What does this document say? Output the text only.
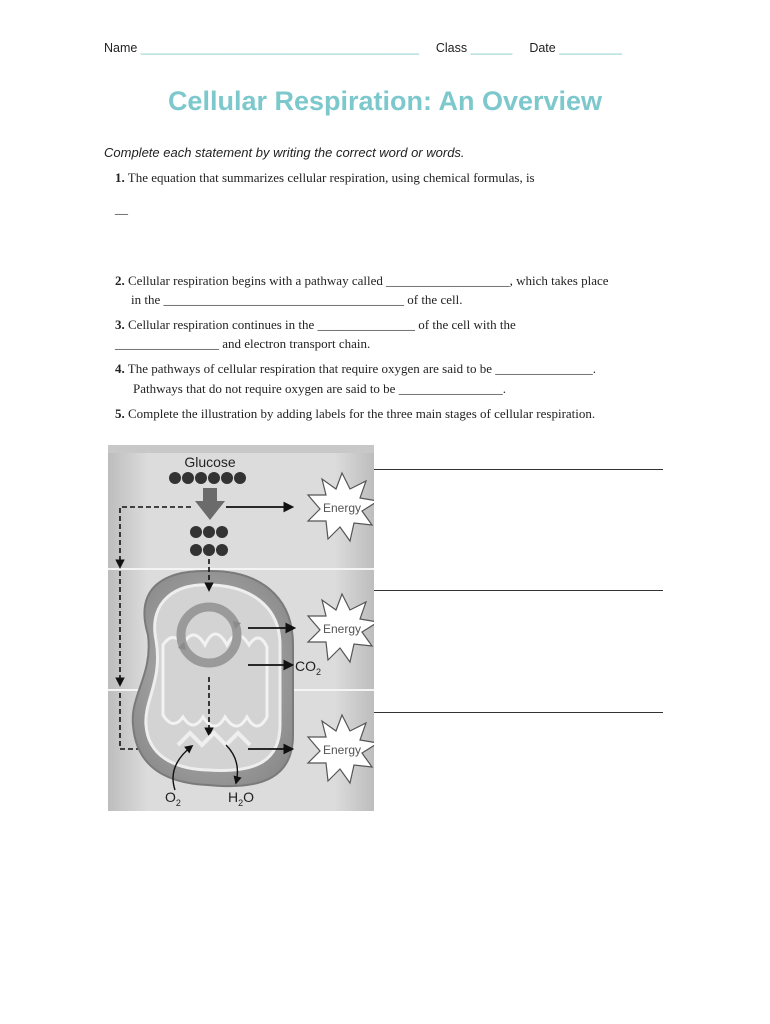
Name ________________________________________ Class ______ Date _________
Cellular Respiration: An Overview
Complete each statement by writing the correct word or words.
1. The equation that summarizes cellular respiration, using chemical formulas, is
__
2. Cellular respiration begins with a pathway called ___________________, which takes place
in the _____________________________________ of the cell.
3. Cellular respiration continues in the _______________ of the cell with the
________________ and electron transport chain.
4. The pathways of cellular respiration that require oxygen are said to be _______________.
Pathways that do not require oxygen are said to be ________________.
5. Complete the illustration by adding labels for the three main stages of cellular respiration.
Glucose
$CO_2$
$O_2$	$H_2O$
Energy
Energy
Energy
